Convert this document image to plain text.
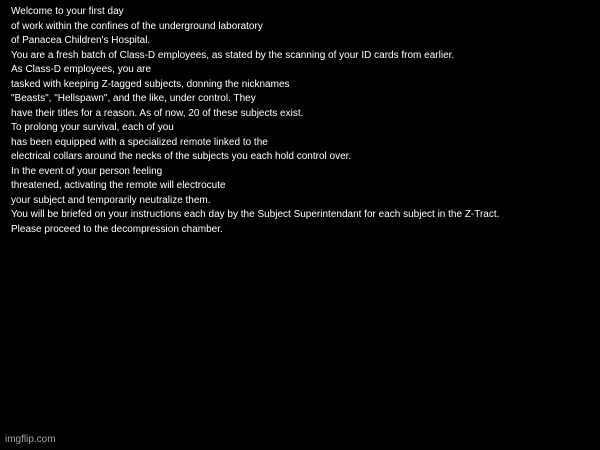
Welcome to your first day
of work within the confines of the underground laboratory
of Panacea Children's Hospital.
You are a fresh batch of Class-D employees, as stated by the scanning of your ID cards from earlier.
As Class-D employees, you are
tasked with keeping Z-tagged subjects, donning the nicknames
"Beasts", "Hellspawn", and the like, under control. They
have their titles for a reason. As of now, 20 of these subjects exist.
To prolong your survival, each of you
has been equipped with a specialized remote linked to the
electrical collars around the necks of the subjects you each hold control over.
In the event of your person feeling
threatened, activating the remote will electrocute
your subject and temporarily neutralize them.
You will be briefed on your instructions each day by the Subject Superintendant for each subject in the Z-Tract.
Please proceed to the decompression chamber.
imgflip.com
